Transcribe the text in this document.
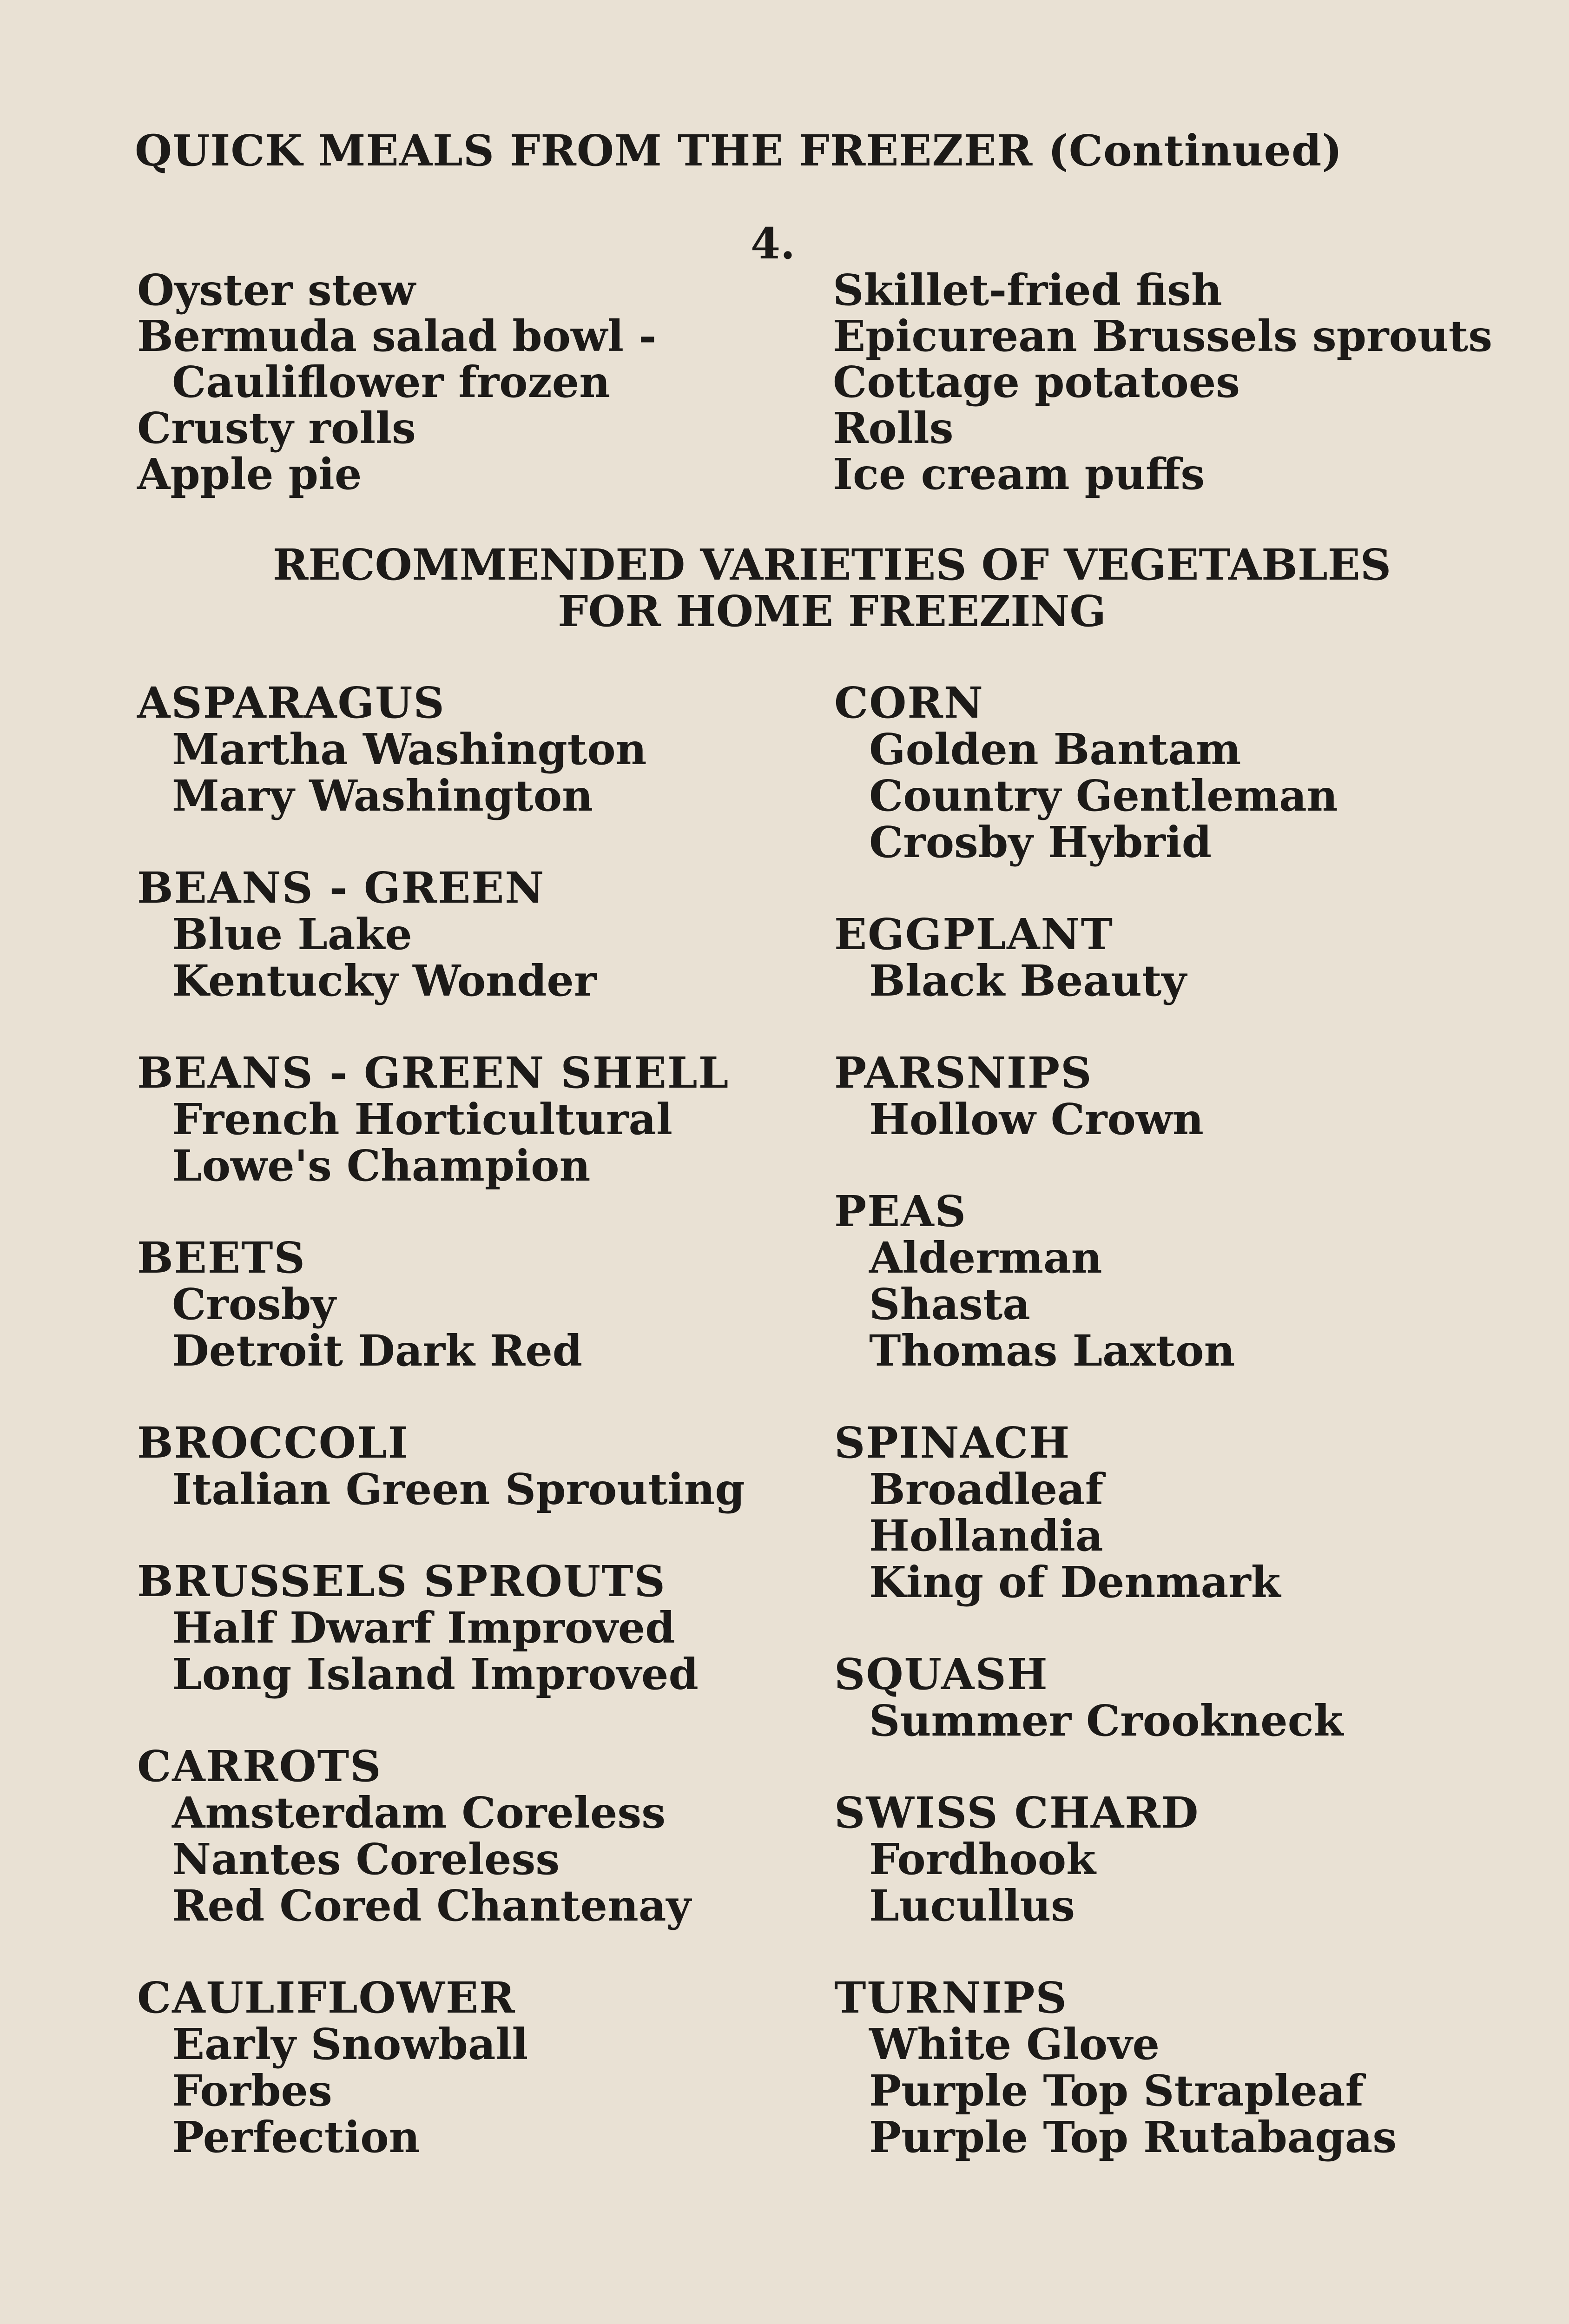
QUICK MEALS FROM THE FREEZER (Continued)
4.
Oyster stew
Bermuda salad bowl -
Cauliflower frozen
Crusty rolls
Apple pie
Skillet-fried fish
Epicurean Brussels sprouts
Cottage potatoes
Rolls
Ice cream puffs
RECOMMENDED VARIETIES OF VEGETABLES
FOR HOME FREEZING
ASPARAGUS
Martha Washington
Mary Washington
BEANS - GREEN
Blue Lake
Kentucky Wonder
BEANS - GREEN SHELL
French Horticultural
Lowe's Champion
BEETS
Crosby
Detroit Dark Red
BROCCOLI
Italian Green Sprouting
BRUSSELS SPROUTS
Half Dwarf Improved
Long Island Improved
CARROTS
Amsterdam Coreless
Nantes Coreless
Red Cored Chantenay
CAULIFLOWER
Early Snowball
Forbes
Perfection
CORN
Golden Bantam
Country Gentleman
Crosby Hybrid
EGGPLANT
Black Beauty
PARSNIPS
Hollow Crown
PEAS
Alderman
Shasta
Thomas Laxton
SPINACH
Broadleaf
Hollandia
King of Denmark
SQUASH
Summer Crookneck
SWISS CHARD
Fordhook
Lucullus
TURNIPS
White Glove
Purple Top Strapleaf
Purple Top Rutabagas
